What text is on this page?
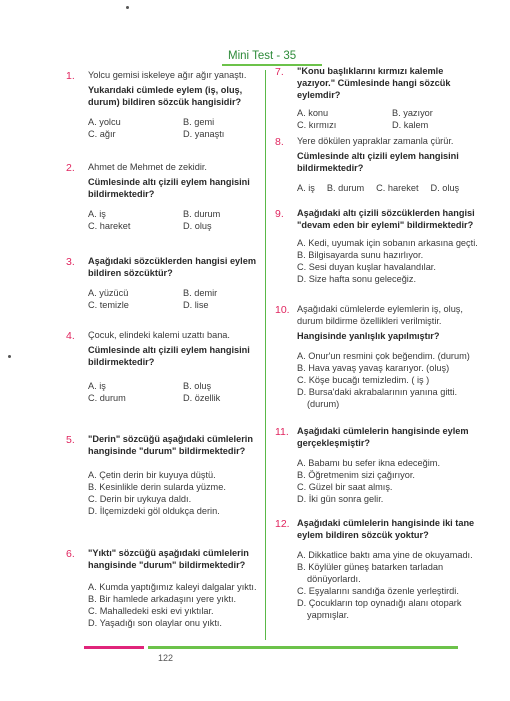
Mini Test - 35
1. Yolcu gemisi iskeleye ağır ağır yanaştı.
Yukarıdaki cümlede eylem (iş, oluş, durum) bildiren sözcük hangisidir?
A. yolcu	B. gemi
C. ağır	D. yanaştı
2. Ahmet de Mehmet de zekidir.
Cümlesinde altı çizili eylem hangisini bildirmektedir?
A. iş	B. durum
C. hareket	D. oluş
3. Aşağıdaki sözcüklerden hangisi eylem bildiren sözcüktür?
A. yüzücü	B. demir
C. temizle	D. lise
4. Çocuk, elindeki kalemi uzattı bana.
Cümlesinde altı çizili eylem hangisini bildirmektedir?
A. iş	B. oluş
C. durum	D. özellik
5. "Derin" sözcüğü aşağıdaki cümlelerin hangisinde "durum" bildirmektedir?
A. Çetin derin bir kuyuya düştü.
B. Kesinlikle derin sularda yüzme.
C. Derin bir uykuya daldı.
D. İlçemizdeki göl oldukça derin.
6. "Yıktı" sözcüğü aşağıdaki cümlelerin hangisinde "durum" bildirmektedir?
A. Kumda yaptığımız kaleyi dalgalar yıktı.
B. Bir hamlede arkadaşını yere yıktı.
C. Mahalledeki eski evi yıktılar.
D. Yaşadığı son olaylar onu yıktı.
7. "Konu başlıklarını kırmızı kalemle yazıyor." Cümlesinde hangi sözcük eylemdir?
A. konu	B. yazıyor
C. kırmızı	D. kalem
8. Yere dökülen yapraklar zamanla çürür.
Cümlesinde altı çizili eylem hangisini bildirmektedir?
A. iş B. durum C. hareket D. oluş
9. Aşağıdaki altı çizili sözcüklerden hangisi "devam eden bir eylemi" bildirmektedir?
A. Kedi, uyumak için sobanın arkasına geçti.
B. Bilgisayarda sunu hazırlıyor.
C. Sesi duyan kuşlar havalandılar.
D. Size hafta sonu geleceğiz.
10. Aşağıdaki cümlelerde eylemlerin iş, oluş, durum bildirme özellikleri verilmiştir.
Hangisinde yanlışlık yapılmıştır?
A. Onur'un resmini çok beğendim. (durum)
B. Hava yavaş yavaş kararıyor. (oluş)
C. Köşe bucağı temizledim. ( iş )
D. Bursa'daki akrabalarının yanına gitti.
(durum)
11. Aşağıdaki cümlelerin hangisinde eylem gerçekleşmiştir?
A. Babamı bu sefer ikna edeceğim.
B. Öğretmenim sizi çağırıyor.
C. Güzel bir saat almış.
D. İki gün sonra gelir.
12. Aşağıdaki cümlelerin hangisinde iki tane eylem bildiren sözcük yoktur?
A. Dikkatlice baktı ama yine de okuyamadı.
B. Köylüler güneş batarken tarladan
dönüyorlardı.
C. Eşyalarını sandığa özenle yerleştirdi.
D. Çocukların top oynadığı alanı otopark
yapmışlar.
122
